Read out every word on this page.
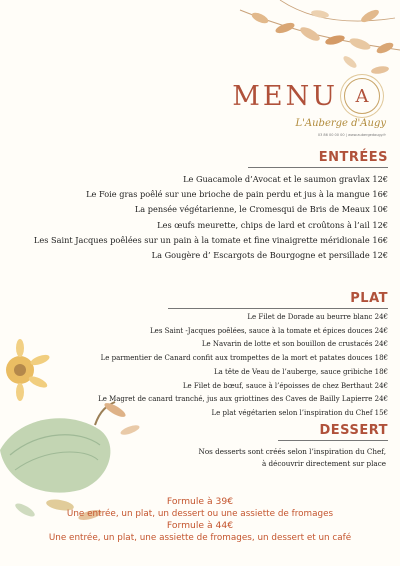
MENU A
L'Auberge d'Augy
03 86 00 00 00 | www.aubergedaugy.fr
ENTRÉES
Le Guacamole d’Avocat et le saumon gravlax 12€
Le Foie gras poêlé sur une brioche de pain perdu et jus à la mangue 16€
La pensée végétarienne, le Cromesqui de Bris de Meaux 10€
Les œufs meurette, chips de lard et croûtons à l’ail 12€
Les Saint Jacques poêlées sur un pain à la tomate et fine vinaigrette méridionale 16€
La Gougère d’ Escargots de Bourgogne et persillade 12€
PLAT
Le Filet de Dorade au beurre blanc 24€
Les Saint -Jacques poêlées, sauce à la tomate et épices douces 24€
Le Navarin de lotte et son bouillon de crustacés 24€
Le parmentier de Canard confit aux trompettes de la mort et patates douces 18€
La tête de Veau de l’auberge, sauce gribiche 18€
Le Filet de bœuf, sauce à l’époisses de chez Berthaut 24€
Le Magret de canard tranché, jus aux griottines des Caves de Bailly Lapierre 24€
Le plat végétarien selon l’inspiration du Chef 15€
DESSERT
Nos desserts sont créés selon l’inspiration du Chef,
à découvrir directement sur place
Formule à 39€
Une entrée, un plat, un dessert ou une assiette de fromages
Formule à 44€
Une entrée, un plat, une assiette de fromages, un dessert et un café
